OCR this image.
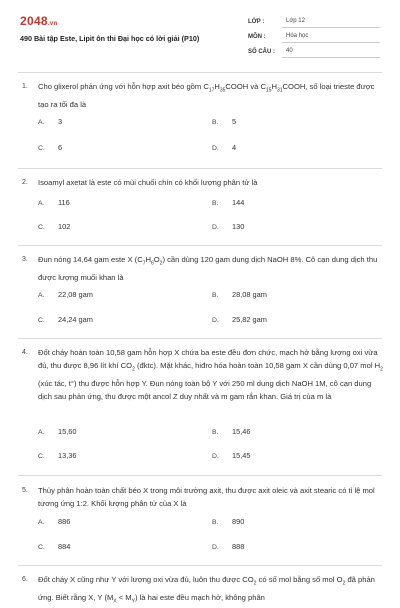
2048.vn
490 Bài tập Este, Lipit ôn thi Đại học có lời giải (P10)
LỚP :	Lớp 12
MÔN :	Hóa học
SỐ CÂU :	40
1. Cho glixerol phản ứng với hỗn hợp axit béo gồm $C_{17}H_{35}COOH$ và $C_{15}H_{31}COOH$, số loại trieste được tạo ra tối đa là
A. 3	B. 5
C. 6	D. 4
2. Isoamyl axetat là este có mùi chuối chín có khối lượng phân tử là
A. 116	B. 144
C. 102	D. 130
3. Đun nóng 14,64 gam este X $(C_7H_6O_2)$ cần dùng 120 gam dung dịch NaOH 8%. Cô cạn dung dịch thu được lượng muối khan là
A. 22,08 gam	B. 28,08 gam
C. 24,24 gam	D. 25,82 gam
4. Đốt cháy hoàn toàn 10,58 gam hỗn hợp X chứa ba este đều đơn chức, mạch hở bằng lượng oxi vừa đủ, thu được 8,96 lít khí $CO_2$ (đktc). Mặt khác, hiđro hóa hoàn toàn 10,58 gam X cần dùng 0,07 mol $H_2$ (xúc tác, t°) thu được hỗn hợp Y. Đun nóng toàn bộ Y với 250 ml dung dịch NaOH 1M, cô cạn dung dịch sau phản ứng, thu được một ancol Z duy nhất và m gam rắn khan. Giá trị của m là
A. 15,60	B. 15,46
C. 13,36	D. 15,45
5. Thủy phân hoàn toàn chất béo X trong môi trường axit, thu được axit oleic và axit stearic có tỉ lệ mol tương ứng 1:2. Khối lượng phân tử của X là
A. 886	B. 890
C. 884	D. 888
6. Đốt cháy X cũng như Y với lượng oxi vừa đủ, luôn thu được $CO_2$ có số mol bằng số mol $O_2$ đã phản ứng. Biết rằng X, Y $(M_X < M_Y)$ là hai este đều mạch hở, không phân
